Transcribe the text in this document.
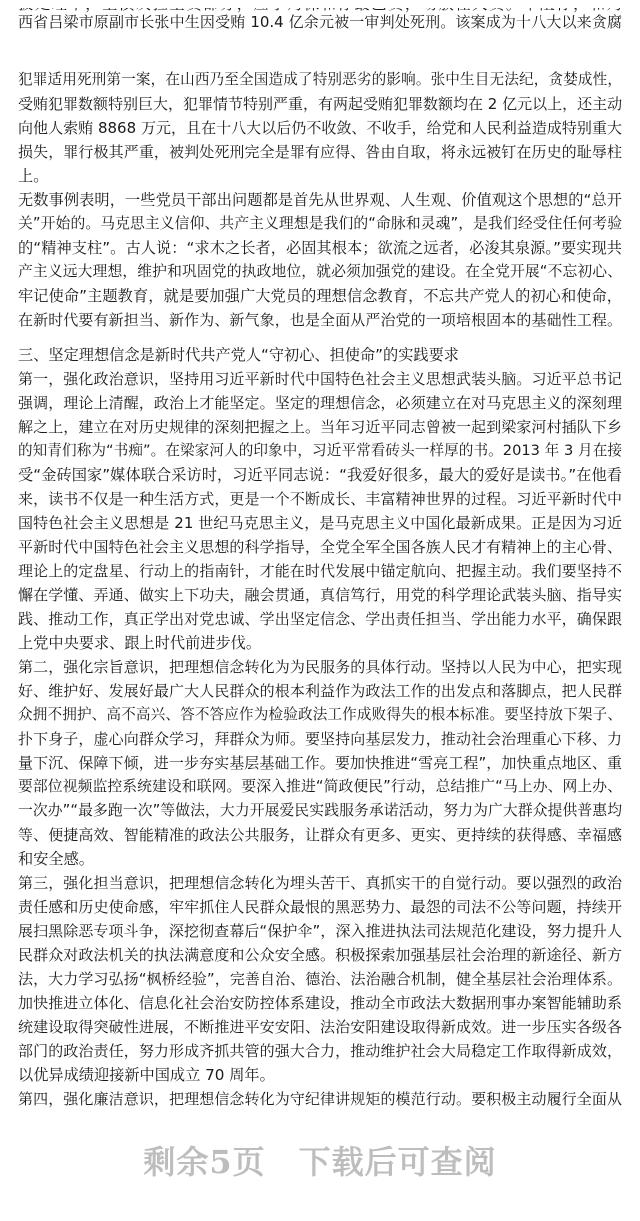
西省吕梁市原副市长张中生因受贿 10.4 亿余元被一审判处死刑。该案成为十八大以来贪腐
犯罪适用死刑第一案，在山西乃至全国造成了特别恶劣的影响。张中生目无法纪，贪婪成性，
受贿犯罪数额特别巨大，犯罪情节特别严重，有两起受贿犯罪数额均在 2 亿元以上，还主动
向他人索贿 8868 万元，且在十八大以后仍不收敛、不收手，给党和人民利益造成特别重大
损失，罪行极其严重，被判处死刑完全是罪有应得、咎由自取，将永远被钉在历史的耻辱柱
上。
无数事例表明，一些党员干部出问题都是首先从世界观、人生观、价值观这个思想的“总开
关”开始的。马克思主义信仰、共产主义理想是我们的“命脉和灵魂”，是我们经受住任何考验
的“精神支柱”。古人说：“求木之长者，必固其根本；欲流之远者，必浚其泉源。”要实现共
产主义远大理想，维护和巩固党的执政地位，就必须加强党的建设。在全党开展“不忘初心、
牢记使命”主题教育，就是要加强广大党员的理想信念教育，不忘共产党人的初心和使命，
在新时代要有新担当、新作为、新气象，也是全面从严治党的一项培根固本的基础性工程。
三、坚定理想信念是新时代共产党人“守初心、担使命”的实践要求
第一，强化政治意识，坚持用习近平新时代中国特色社会主义思想武装头脑。习近平总书记
强调，理论上清醒，政治上才能坚定。坚定的理想信念，必须建立在对马克思主义的深刻理
解之上，建立在对历史规律的深刻把握之上。当年习近平同志曾被一起到梁家河村插队下乡
的知青们称为“书痴”。在梁家河人的印象中，习近平常看砖头一样厚的书。2013 年 3 月在接
受“金砖国家”媒体联合采访时，习近平同志说：“我爱好很多，最大的爱好是读书。”在他看
来，读书不仅是一种生活方式，更是一个不断成长、丰富精神世界的过程。习近平新时代中
国特色社会主义思想是 21 世纪马克思主义，是马克思主义中国化最新成果。正是因为习近
平新时代中国特色社会主义思想的科学指导，全党全军全国各族人民才有精神上的主心骨、
理论上的定盘星、行动上的指南针，才能在时代发展中锚定航向、把握主动。我们要坚持不
懈在学懂、弄通、做实上下功夫，融会贯通，真信笃行，用党的科学理论武装头脑、指导实
践、推动工作，真正学出对党忠诚、学出坚定信念、学出责任担当、学出能力水平，确保跟
上党中央要求、跟上时代前进步伐。
第二，强化宗旨意识，把理想信念转化为为民服务的具体行动。坚持以人民为中心，把实现
好、维护好、发展好最广大人民群众的根本利益作为政法工作的出发点和落脚点，把人民群
众拥不拥护、高不高兴、答不答应作为检验政法工作成败得失的根本标准。要坚持放下架子、
扑下身子，虚心向群众学习，拜群众为师。要坚持向基层发力，推动社会治理重心下移、力
量下沉、保障下倾，进一步夯实基层基础工作。要加快推进“雪亮工程”，加快重点地区、重
要部位视频监控系统建设和联网。要深入推进“简政便民”行动，总结推广“马上办、网上办、
一次办”“最多跑一次”等做法，大力开展爱民实践服务承诺活动，努力为广大群众提供普惠均
等、便捷高效、智能精准的政法公共服务，让群众有更多、更实、更持续的获得感、幸福感
和安全感。
第三，强化担当意识，把理想信念转化为埋头苦干、真抓实干的自觉行动。要以强烈的政治
责任感和历史使命感，牢牢抓住人民群众最恨的黑恶势力、最怨的司法不公等问题，持续开
展扫黑除恶专项斗争，深挖彻查幕后“保护伞”，深入推进执法司法规范化建设，努力提升人
民群众对政法机关的执法满意度和公众安全感。积极探索加强基层社会治理的新途径、新方
法，大力学习弘扬“枫桥经验”，完善自治、德治、法治融合机制，健全基层社会治理体系。
加快推进立体化、信息化社会治安防控体系建设，推动全市政法大数据刑事办案智能辅助系
统建设取得突破性进展，不断推进平安安阳、法治安阳建设取得新成效。进一步压实各级各
部门的政治责任，努力形成齐抓共管的强大合力，推动维护社会大局稳定工作取得新成效，
以优异成绩迎接新中国成立 70 周年。
第四，强化廉洁意识，把理想信念转化为守纪律讲规矩的模范行动。要积极主动履行全面从
剩余5页　下载后可查阅
